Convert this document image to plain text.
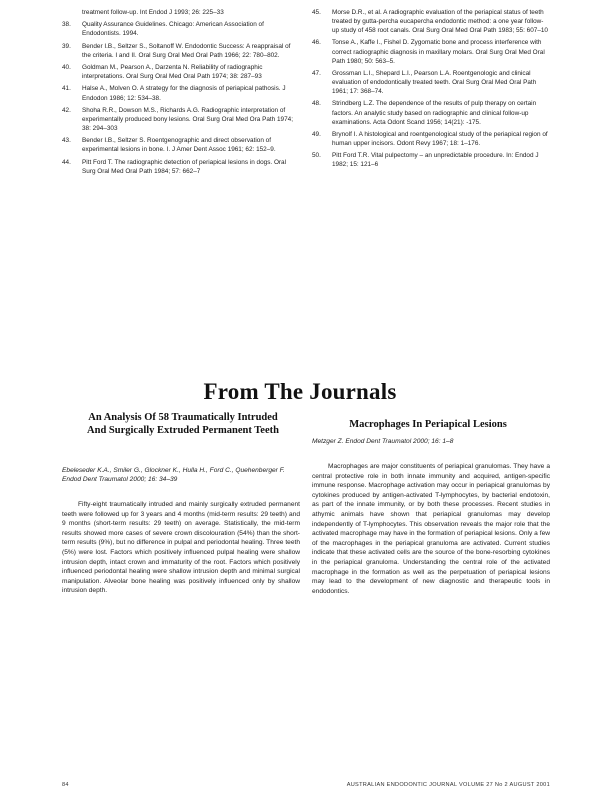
treatment follow-up. Int Endod J 1993; 26: 225–33
38. Quality Assurance Guidelines. Chicago: American Association of Endodontists. 1994.
39. Bender I.B., Seltzer S., Soltanoff W. Endodontic Success: A reappraisal of the criteria. I and II. Oral Surg Oral Med Oral Path 1966; 22: 780–802.
40. Goldman M., Pearson A., Darzenta N. Reliability of radiographic interpretations. Oral Surg Oral Med Oral Path 1974; 38: 287–93
41. Halse A., Molven O. A strategy for the diagnosis of periapical pathosis. J Endodon 1986; 12: 534–38.
42. Shoha R.R., Dowson M.S., Richards A.G. Radiographic interpretation of experimentally produced bony lesions. Oral Surg Oral Med Ora Path 1974; 38: 294–303
43. Bender I.B., Seltzer S. Roentgenographic and direct observation of experimental lesions in bone. I. J Amer Dent Assoc 1961; 62: 152–9.
44. Pitt Ford T. The radiographic detection of periapical lesions in dogs. Oral Surg Oral Med Oral Path 1984; 57: 662–7
45. Morse D.R., et al. A radiographic evaluation of the periapical status of teeth treated by gutta-percha eucapercha endodontic method: a one year follow-up study of 458 root canals. Oral Surg Oral Med Oral Path 1983; 55: 607–10
46. Tonse A., Kaffe I., Fishel D. Zygomatic bone and process interference with correct radiographic diagnosis in maxillary molars. Oral Surg Oral Med Oral Path 1980; 50: 563–5.
47. Grossman L.I., Shepard L.I., Pearson L.A. Roentgenologic and clinical evaluation of endodontically treated teeth. Oral Surg Oral Med Oral Path 1961; 17: 368–74.
48. Strindberg L.Z. The dependence of the results of pulp therapy on certain factors. An analytic study based on radiographic and clinical follow-up examinations. Acta Odont Scand 1956; 14(21): -175.
49. Brynolf I. A histological and roentgenological study of the periapical region of human upper incisors. Odont Revy 1967; 18: 1–176.
50. Pitt Ford T.R. Vital pulpectomy – an unpredictable procedure. In: Endod J 1982; 15: 121–6
From The Journals
An Analysis Of 58 Traumatically Intruded And Surgically Extruded Permanent Teeth
Ebeleseder K.A., Smiler G., Glockner K., Hulla H., Ford C., Quehenberger F. Endod Dent Traumatol 2000; 16: 34–39
Fifty-eight traumatically intruded and mainly surgically extruded permanent teeth were followed up for 3 years and 4 months (mid-term results: 29 teeth) and 9 months (short-term results: 29 teeth) on average. Statistically, the mid-term results showed more cases of severe crown discolouration (54%) than the short-term results (9%), but no difference in pulpal and periodontal healing. Three teeth (5%) were lost. Factors which positively influenced pulpal healing were shallow intrusion depth, intact crown and immaturity of the root. Factors which positively influenced periodontal healing were shallow intrusion depth and minimal surgical manipulation. Alveolar bone healing was positively influenced only by shallow intrusion depth.
Macrophages In Periapical Lesions
Metzger Z. Endod Dent Traumatol 2000; 16: 1–8
Macrophages are major constituents of periapical granulomas. They have a central protective role in both innate immunity and acquired, antigen-specific immune response. Macrophage activation may occur in periapical granulomas by cytokines produced by antigen-activated T-lymphocytes, by bacterial endotoxin, as part of the innate immunity, or by both these processes. Recent studies in athymic animals have shown that periapical granulomas may develop independently of T-lymphocytes. This observation reveals the major role that the activated macrophage may have in the formation of periapical lesions. Only a few of the macrophages in the periapical granuloma are activated. Current studies indicate that these activated cells are the source of the bone-resorbing cytokines in the periapical granuloma. Understanding the central role of the activated macrophage in the formation as well as the perpetuation of periapical lesions may lead to the development of new diagnostic and therapeutic tools in endodontics.
84	AUSTRALIAN ENDODONTIC JOURNAL VOLUME 27 No 2 AUGUST 2001
